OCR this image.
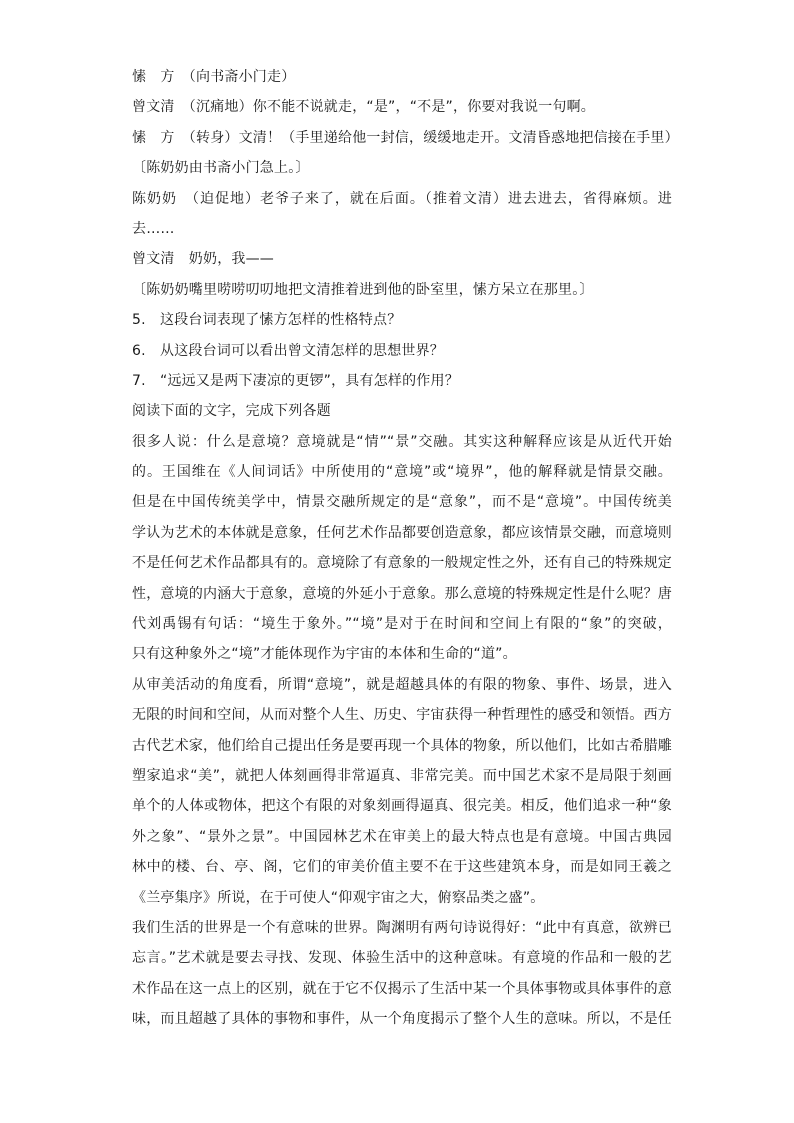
愫　方　（向书斋小门走）
曾文清　（沉痛地）你不能不说就走，“是”，“不是”，你要对我说一句啊。
愫　方　（转身）文清！（手里递给他一封信，缓缓地走开。文清昏惑地把信接在手里）
〔陈奶奶由书斋小门急上。〕
陈奶奶　（迫促地）老爷子来了，就在后面。（推着文清）进去进去，省得麻烦。进
去……
曾文清　奶奶，我——
〔陈奶奶嘴里唠唠叨叨地把文清推着进到他的卧室里，愫方呆立在那里。〕
5. 这段台词表现了愫方怎样的性格特点？
6. 从这段台词可以看出曾文清怎样的思想世界？
7. “远远又是两下凄凉的更锣”，具有怎样的作用？
阅读下面的文字，完成下列各题
很多人说：什么是意境？意境就是“情”“景”交融。其实这种解释应该是从近代开始
的。王国维在《人间词话》中所使用的“意境”或“境界”，他的解释就是情景交融。
但是在中国传统美学中，情景交融所规定的是“意象”，而不是“意境”。中国传统美
学认为艺术的本体就是意象，任何艺术作品都要创造意象，都应该情景交融，而意境则
不是任何艺术作品都具有的。意境除了有意象的一般规定性之外，还有自己的特殊规定
性，意境的内涵大于意象，意境的外延小于意象。那么意境的特殊规定性是什么呢？唐
代刘禹锡有句话：“境生于象外。”“境”是对于在时间和空间上有限的“象”的突破，
只有这种象外之“境”才能体现作为宇宙的本体和生命的“道”。
从审美活动的角度看，所谓“意境”，就是超越具体的有限的物象、事件、场景，进入
无限的时间和空间，从而对整个人生、历史、宇宙获得一种哲理性的感受和领悟。西方
古代艺术家，他们给自己提出任务是要再现一个具体的物象，所以他们，比如古希腊雕
塑家追求“美”，就把人体刻画得非常逼真、非常完美。而中国艺术家不是局限于刻画
单个的人体或物体，把这个有限的对象刻画得逼真、很完美。相反，他们追求一种“象
外之象”、“景外之景”。中国园林艺术在审美上的最大特点也是有意境。中国古典园
林中的楼、台、亭、阁，它们的审美价值主要不在于这些建筑本身，而是如同王羲之
《兰亭集序》所说，在于可使人“仰观宇宙之大，俯察品类之盛”。
我们生活的世界是一个有意味的世界。陶渊明有两句诗说得好：“此中有真意，欲辨已
忘言。”艺术就是要去寻找、发现、体验生活中的这种意味。有意境的作品和一般的艺
术作品在这一点上的区别，就在于它不仅揭示了生活中某一个具体事物或具体事件的意
味，而且超越了具体的事物和事件，从一个角度揭示了整个人生的意味。所以，不是任
